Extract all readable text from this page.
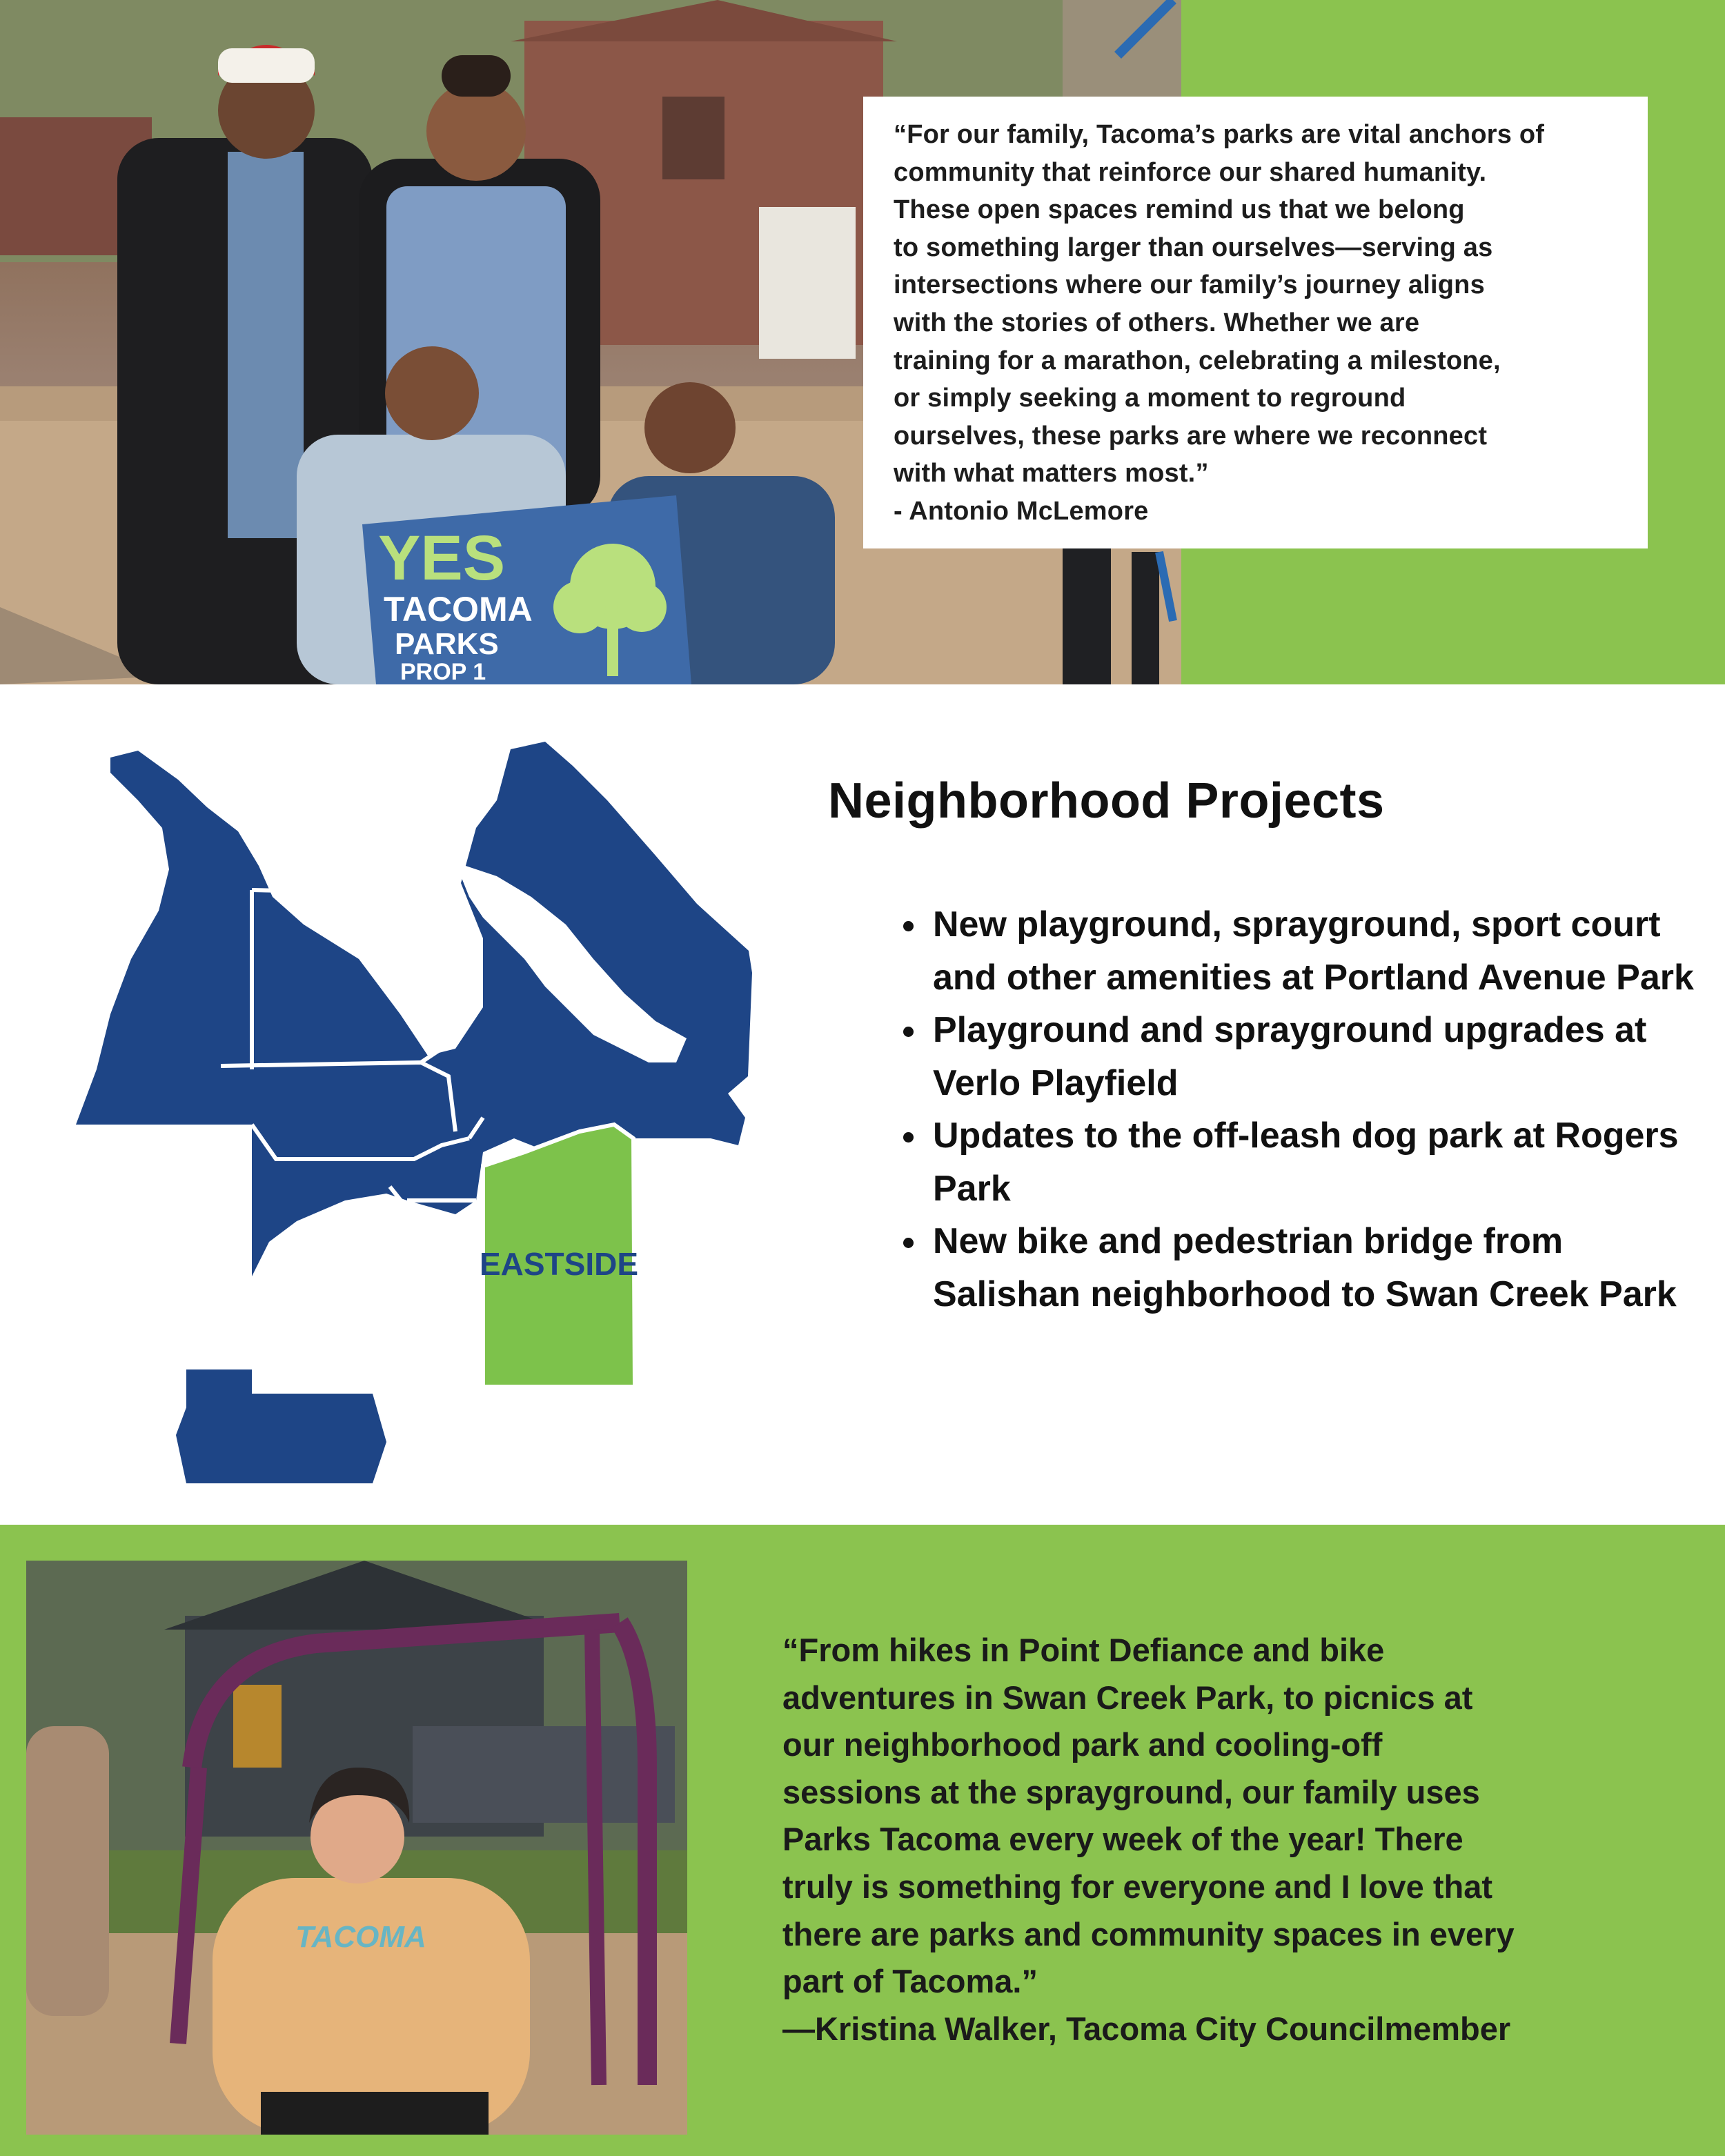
YES
TACOMA
PARKS
PROP 1

“For our family, Tacoma’s parks are vital anchors of
community that reinforce our shared humanity.
These open spaces remind us that we belong
to something larger than ourselves—serving as
intersections where our family’s journey aligns
with the stories of others. Whether we are
training for a marathon, celebrating a milestone,
or simply seeking a moment to reground
ourselves, these parks are where we reconnect
with what matters most.”
- Antonio McLemore

EASTSIDE
Neighborhood Projects
• New playground, sprayground, sport court and other amenities at Portland Avenue Park
• Playground and sprayground upgrades at Verlo Playfield
• Updates to the off-leash dog park at Rogers Park
• New bike and pedestrian bridge from Salishan neighborhood to Swan Creek Park
TACOMA

“From hikes in Point Defiance and bike
adventures in Swan Creek Park, to picnics at
our neighborhood park and cooling-off
sessions at the sprayground, our family uses
Parks Tacoma every week of the year! There
truly is something for everyone and I love that
there are parks and community spaces in every
part of Tacoma.”
—Kristina Walker, Tacoma City Councilmember
